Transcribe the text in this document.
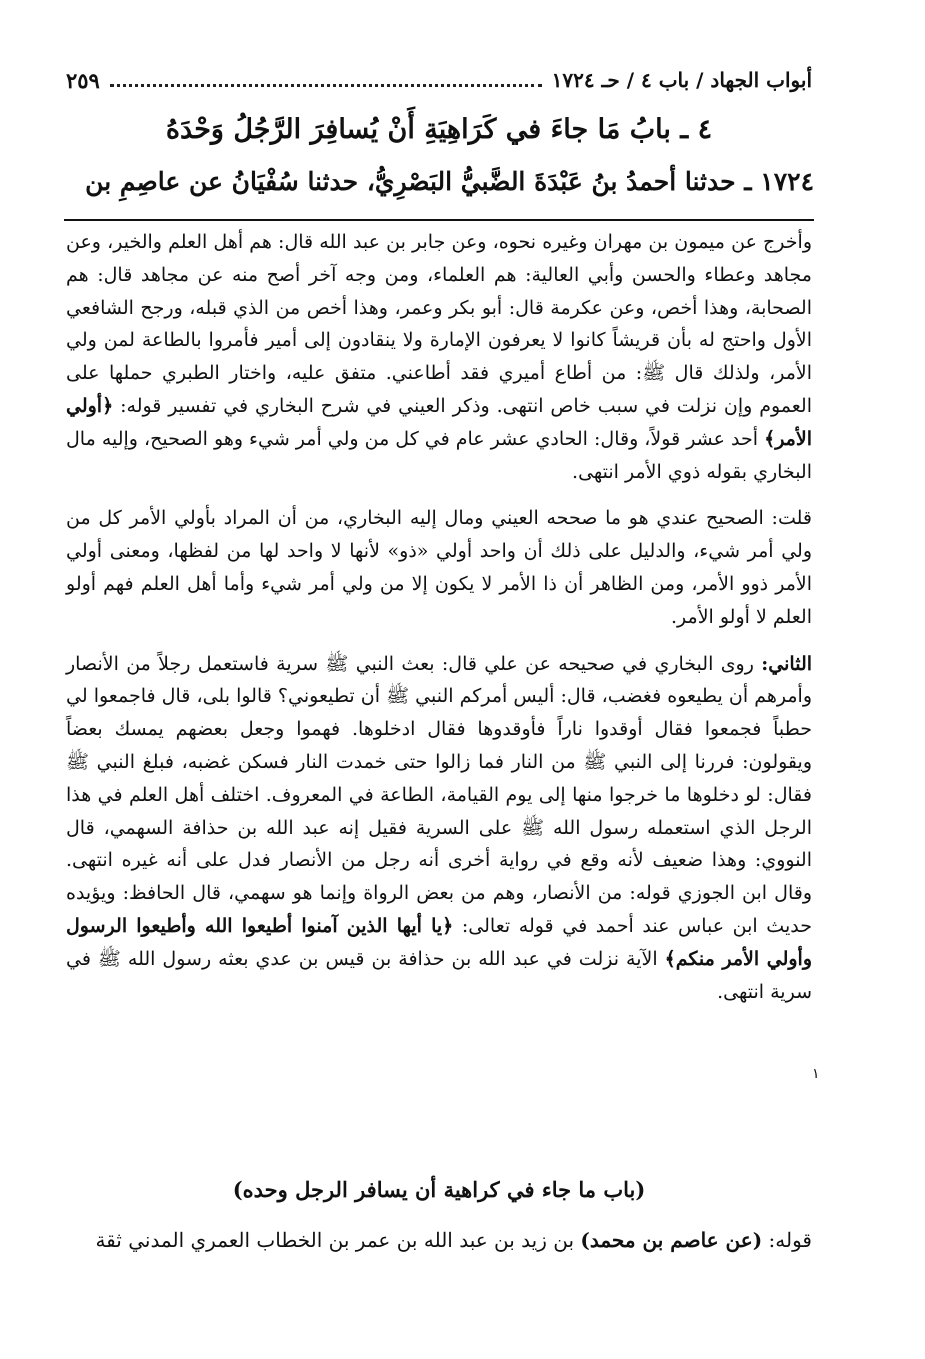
أبواب الجهاد / باب ٤ / حـ ١٧٢٤
٢٥٩
٤ ـ بابُ مَا جاءَ في كَرَاهِيَةِ أَنْ يُسافِرَ الرَّجُلُ وَحْدَهُ
١٧٢٤ ـ حدثنا أحمدُ بنُ عَبْدَةَ الضَّبيُّ البَصْرِيُّ، حدثنا سُفْيَانُ عن عاصِمِ بن

وأخرج عن ميمون بن مهران وغيره نحوه، وعن جابر بن عبد الله قال: هم أهل العلم والخير، وعن مجاهد وعطاء والحسن وأبي العالية: هم العلماء، ومن وجه آخر أصح منه عن مجاهد قال: هم الصحابة، وهذا أخص، وعن عكرمة قال: أبو بكر وعمر، وهذا أخص من الذي قبله، ورجح الشافعي الأول واحتج له بأن قريشاً كانوا لا يعرفون الإمارة ولا ينقادون إلى أمير فأمروا بالطاعة لمن ولي الأمر، ولذلك قال ﷺ: من أطاع أميري فقد أطاعني. متفق عليه، واختار الطبري حملها على العموم وإن نزلت في سبب خاص انتهى. وذكر العيني في شرح البخاري في تفسير قوله: ﴿أولي الأمر﴾ أحد عشر قولاً، وقال: الحادي عشر عام في كل من ولي أمر شيء وهو الصحيح، وإليه مال البخاري بقوله ذوي الأمر انتهى.

قلت: الصحيح عندي هو ما صححه العيني ومال إليه البخاري، من أن المراد بأولي الأمر كل من ولي أمر شيء، والدليل على ذلك أن واحد أولي «ذو» لأنها لا واحد لها من لفظها، ومعنى أولي الأمر ذوو الأمر، ومن الظاهر أن ذا الأمر لا يكون إلا من ولي أمر شيء وأما أهل العلم فهم أولو العلم لا أولو الأمر.

الثاني: روى البخاري في صحيحه عن علي قال: بعث النبي ﷺ سرية فاستعمل رجلاً من الأنصار وأمرهم أن يطيعوه فغضب، قال: أليس أمركم النبي ﷺ أن تطيعوني؟ قالوا بلى، قال فاجمعوا لي حطباً فجمعوا فقال أوقدوا ناراً فأوقدوها فقال ادخلوها. فهموا وجعل بعضهم يمسك بعضاً ويقولون: فررنا إلى النبي ﷺ من النار فما زالوا حتى خمدت النار فسكن غضبه، فبلغ النبي ﷺ فقال: لو دخلوها ما خرجوا منها إلى يوم القيامة، الطاعة في المعروف. اختلف أهل العلم في هذا الرجل الذي استعمله رسول الله ﷺ على السرية فقيل إنه عبد الله بن حذافة السهمي، قال النووي: وهذا ضعيف لأنه وقع في رواية أخرى أنه رجل من الأنصار فدل على أنه غيره انتهى. وقال ابن الجوزي قوله: من الأنصار، وهم من بعض الرواة وإنما هو سهمي، قال الحافظ: ويؤيده حديث ابن عباس عند أحمد في قوله تعالى: ﴿يا أيها الذين آمنوا أطيعوا الله وأطيعوا الرسول وأولي الأمر منكم﴾ الآية نزلت في عبد الله بن حذافة بن قيس بن عدي بعثه رسول الله ﷺ في سرية انتهى.

١
(باب ما جاء في كراهية أن يسافر الرجل وحده)
قوله: (عن عاصم بن محمد) بن زيد بن عبد الله بن عمر بن الخطاب العمري المدني ثقة
